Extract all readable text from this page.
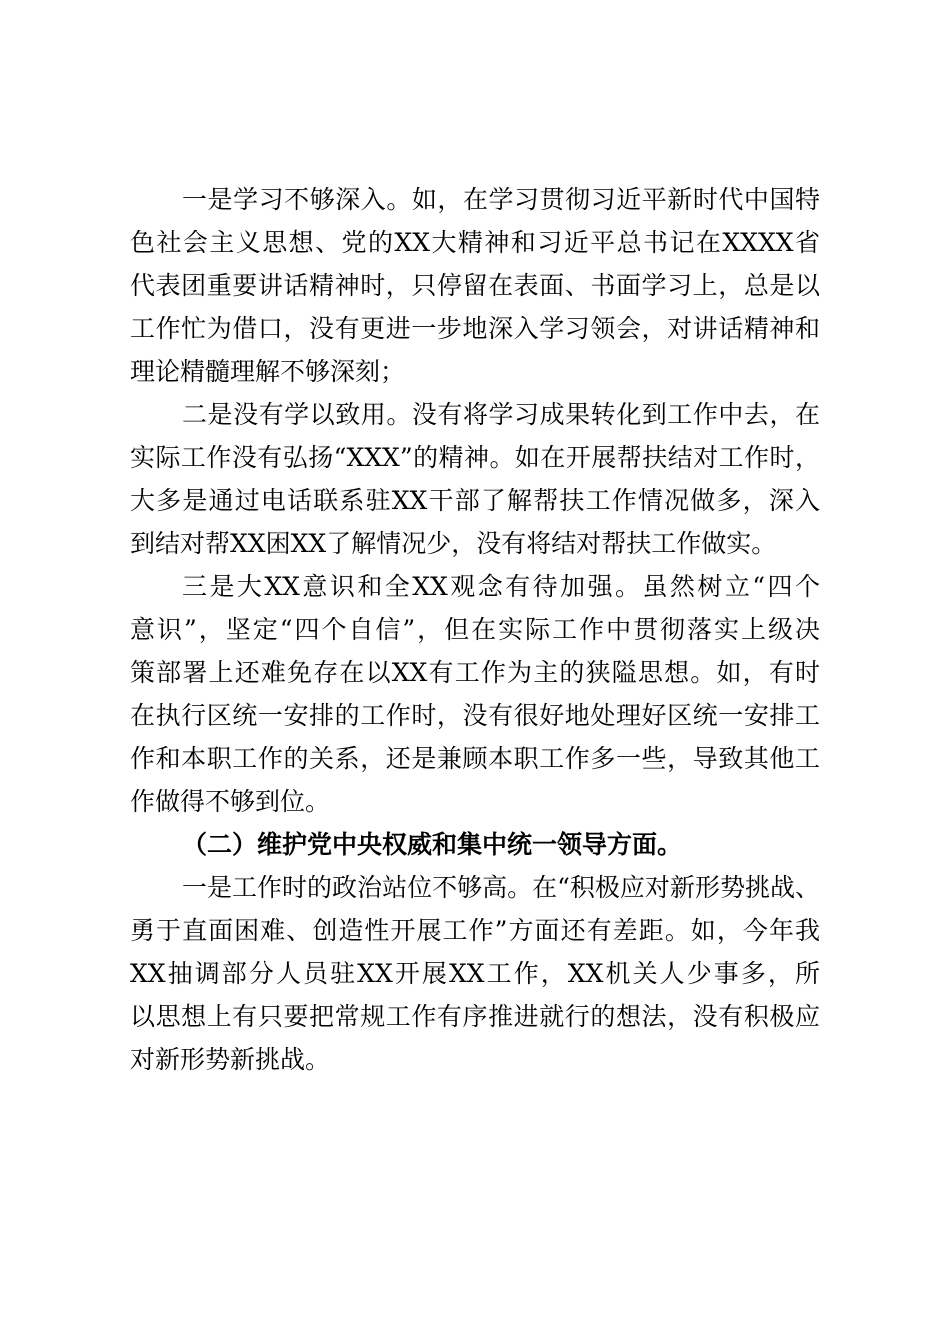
一是学习不够深入。如，在学习贯彻习近平新时代中国特
色社会主义思想、党的XX大精神和习近平总书记在XXXX省
代表团重要讲话精神时，只停留在表面、书面学习上，总是以
工作忙为借口，没有更进一步地深入学习领会，对讲话精神和
理论精髓理解不够深刻；
二是没有学以致用。没有将学习成果转化到工作中去，在
实际工作没有弘扬“XXX”的精神。如在开展帮扶结对工作时，
大多是通过电话联系驻XX干部了解帮扶工作情况做多，深入
到结对帮XX困XX了解情况少，没有将结对帮扶工作做实。
三是大XX意识和全XX观念有待加强。虽然树立“四个
意识”，坚定“四个自信”，但在实际工作中贯彻落实上级决
策部署上还难免存在以XX有工作为主的狭隘思想。如，有时
在执行区统一安排的工作时，没有很好地处理好区统一安排工
作和本职工作的关系，还是兼顾本职工作多一些，导致其他工
作做得不够到位。
（二）维护党中央权威和集中统一领导方面。
一是工作时的政治站位不够高。在“积极应对新形势挑战、
勇于直面困难、创造性开展工作”方面还有差距。如，今年我
XX抽调部分人员驻XX开展XX工作，XX机关人少事多，所
以思想上有只要把常规工作有序推进就行的想法，没有积极应
对新形势新挑战。
